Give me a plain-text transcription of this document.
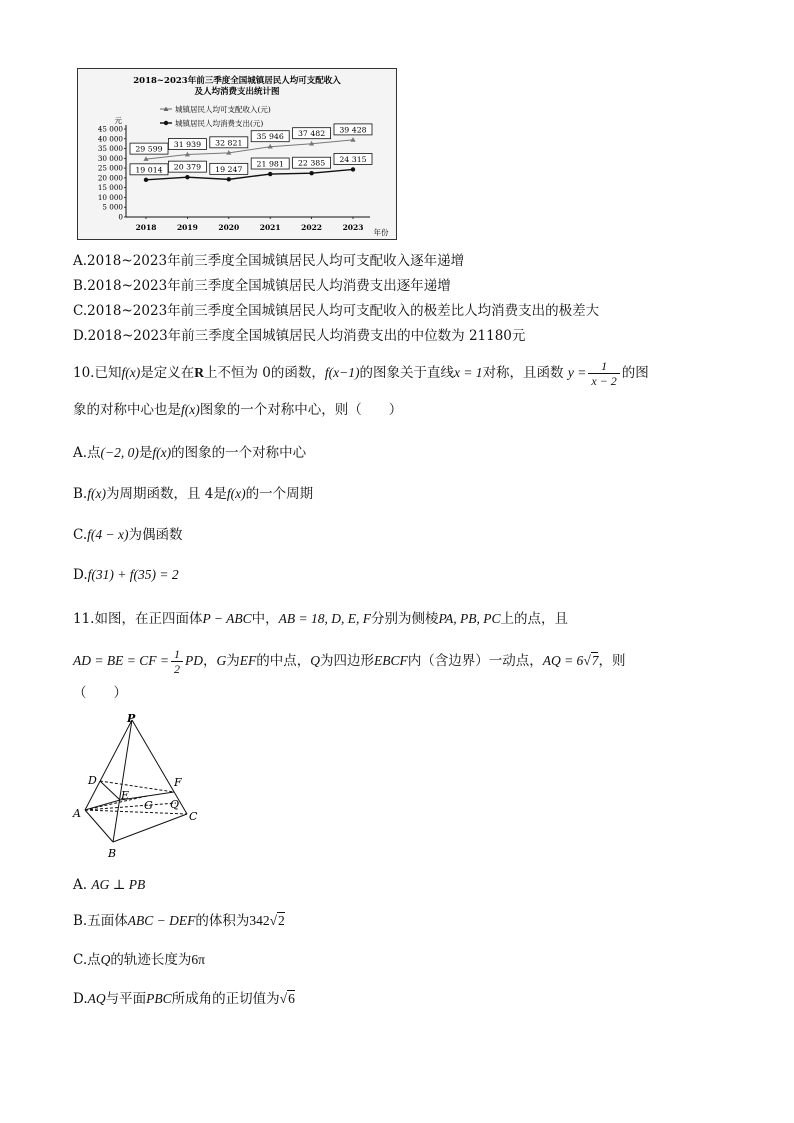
2018~2023年前三季度全国城镇居民人均可支配收入
及人均消费支出统计图
城镇居民人均可支配收入(元)
城镇居民人均消费支出(元)
元
年份
45 000
40 000
35 000
30 000
25 000
20 000
15 000
10 000
5 000
0
2018	2019	2020	2021	2022	2023
29 599
31 939 32 821
35 946 37 482 39 428
19 014 20 379 19 247
21 981 22 385 24 315
A.2018~2023年前三季度全国城镇居民人均可支配收入逐年递增
B.2018~2023年前三季度全国城镇居民人均消费支出逐年递增
C.2018~2023年前三季度全国城镇居民人均可支配收入的极差比人均消费支出的极差大
D.2018~2023年前三季度全国城镇居民人均消费支出的中位数为 21180元
10.已知f(x)是定义在R上不恒为 0的函数，f(x−1)的图象关于直线x = 1对称，且函数 $y = \frac{1}{x - 2}$ 的图
象的对称中心也是f(x)图象的一个对称中心，则（　　）
A.点(−2, 0)是f(x)的图象的一个对称中心
B.f(x)为周期函数，且 4是f(x)的一个周期
C.f(4 − x)为偶函数
D.f(31) + f(35) = 2
11.如图，在正四面体P − ABC中，AB = 18, D, E, F分别为侧棱PA, PB, PC上的点，且
AD = BE = CF = $\frac{1}{2}$ PD，G为EF的中点，Q为四边形EBCF内（含边界）一动点，AQ = 6√7，则
（　　）
P
D	F
E
G Q
A	C
B
A. AG ⊥ PB
B.五面体ABC − DEF的体积为342√2
C.点Q的轨迹长度为6π
D.AQ与平面PBC所成角的正切值为√6
